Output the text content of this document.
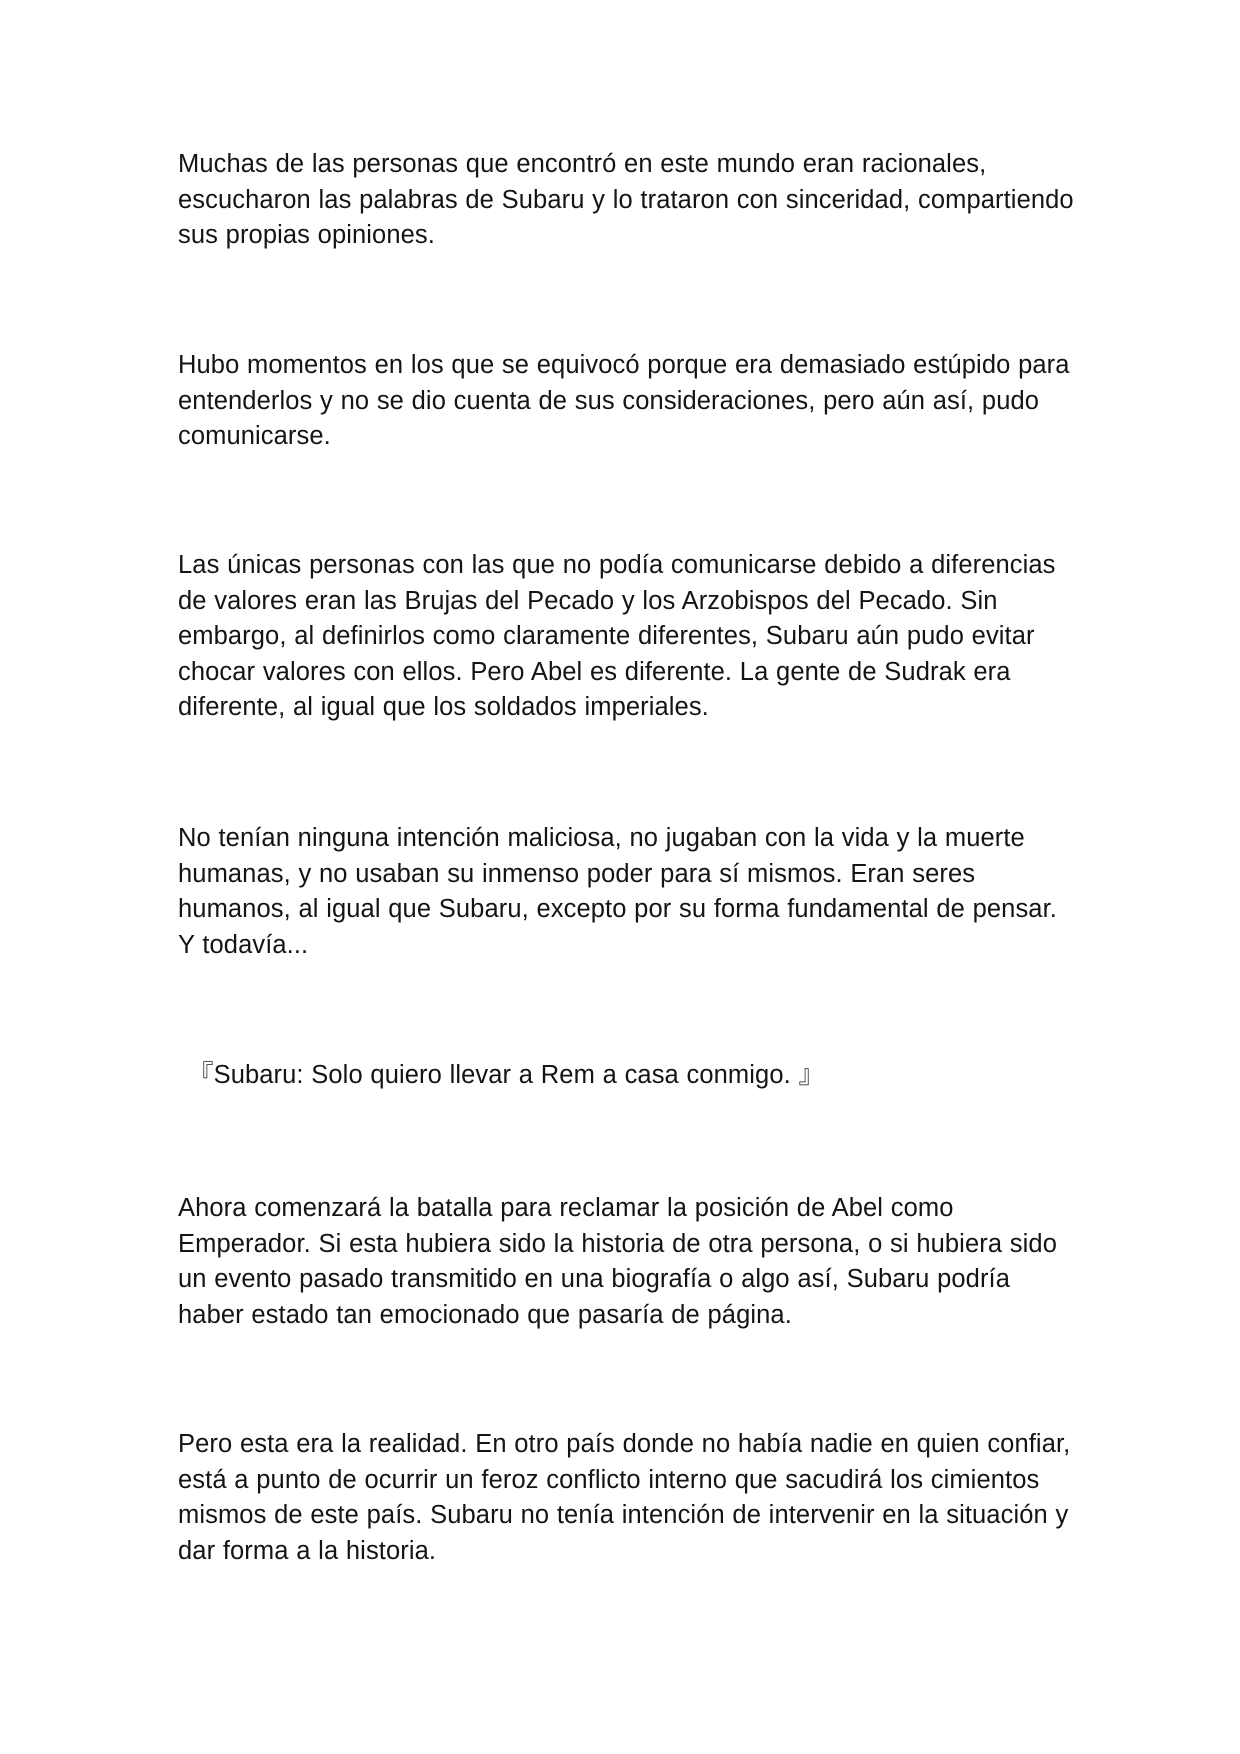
Muchas de las personas que encontró en este mundo eran racionales, escucharon las palabras de Subaru y lo trataron con sinceridad, compartiendo sus propias opiniones.

Hubo momentos en los que se equivocó porque era demasiado estúpido para entenderlos y no se dio cuenta de sus consideraciones, pero aún así, pudo comunicarse.

Las únicas personas con las que no podía comunicarse debido a diferencias de valores eran las Brujas del Pecado y los Arzobispos del Pecado. Sin embargo, al definirlos como claramente diferentes, Subaru aún pudo evitar chocar valores con ellos. Pero Abel es diferente. La gente de Sudrak era diferente, al igual que los soldados imperiales.

No tenían ninguna intención maliciosa, no jugaban con la vida y la muerte humanas, y no usaban su inmenso poder para sí mismos. Eran seres humanos, al igual que Subaru, excepto por su forma fundamental de pensar. Y todavía...

『Subaru: Solo quiero llevar a Rem a casa conmigo. 』

Ahora comenzará la batalla para reclamar la posición de Abel como Emperador. Si esta hubiera sido la historia de otra persona, o si hubiera sido un evento pasado transmitido en una biografía o algo así, Subaru podría haber estado tan emocionado que pasaría de página.

Pero esta era la realidad. En otro país donde no había nadie en quien confiar, está a punto de ocurrir un feroz conflicto interno que sacudirá los cimientos mismos de este país. Subaru no tenía intención de intervenir en la situación y dar forma a la historia.
